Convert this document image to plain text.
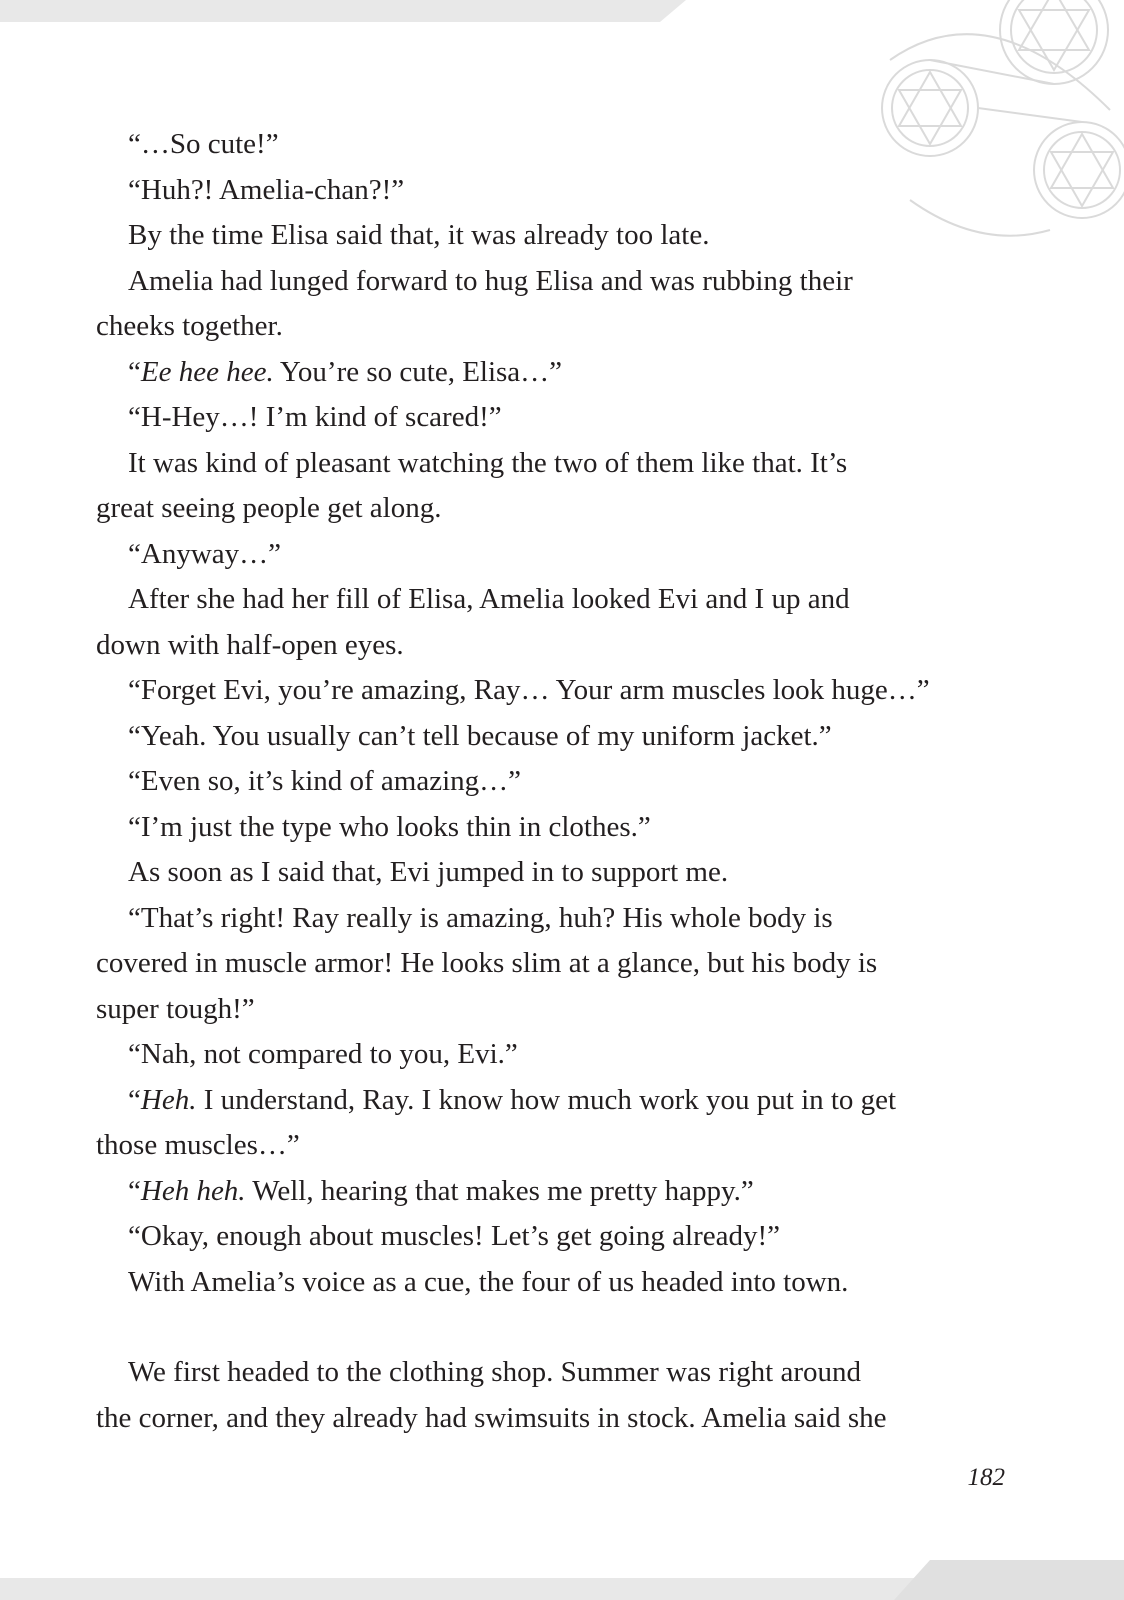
“…So cute!”

“Huh?! Amelia-chan?!”

By the time Elisa said that, it was already too late.

Amelia had lunged forward to hug Elisa and was rubbing their

cheeks together.

“Ee hee hee. You’re so cute, Elisa…”

“H-Hey…! I’m kind of scared!”

It was kind of pleasant watching the two of them like that. It’s

great seeing people get along.

“Anyway…”

After she had her fill of Elisa, Amelia looked Evi and I up and

down with half-open eyes.

“Forget Evi, you’re amazing, Ray… Your arm muscles look huge…”

“Yeah. You usually can’t tell because of my uniform jacket.”

“Even so, it’s kind of amazing…”

“I’m just the type who looks thin in clothes.”

As soon as I said that, Evi jumped in to support me.

“That’s right! Ray really is amazing, huh? His whole body is

covered in muscle armor! He looks slim at a glance, but his body is

super tough!”

“Nah, not compared to you, Evi.”

“Heh. I understand, Ray. I know how much work you put in to get

those muscles…”

“Heh heh. Well, hearing that makes me pretty happy.”

“Okay, enough about muscles! Let’s get going already!”

With Amelia’s voice as a cue, the four of us headed into town.

We first headed to the clothing shop. Summer was right around

the corner, and they already had swimsuits in stock. Amelia said she

182
